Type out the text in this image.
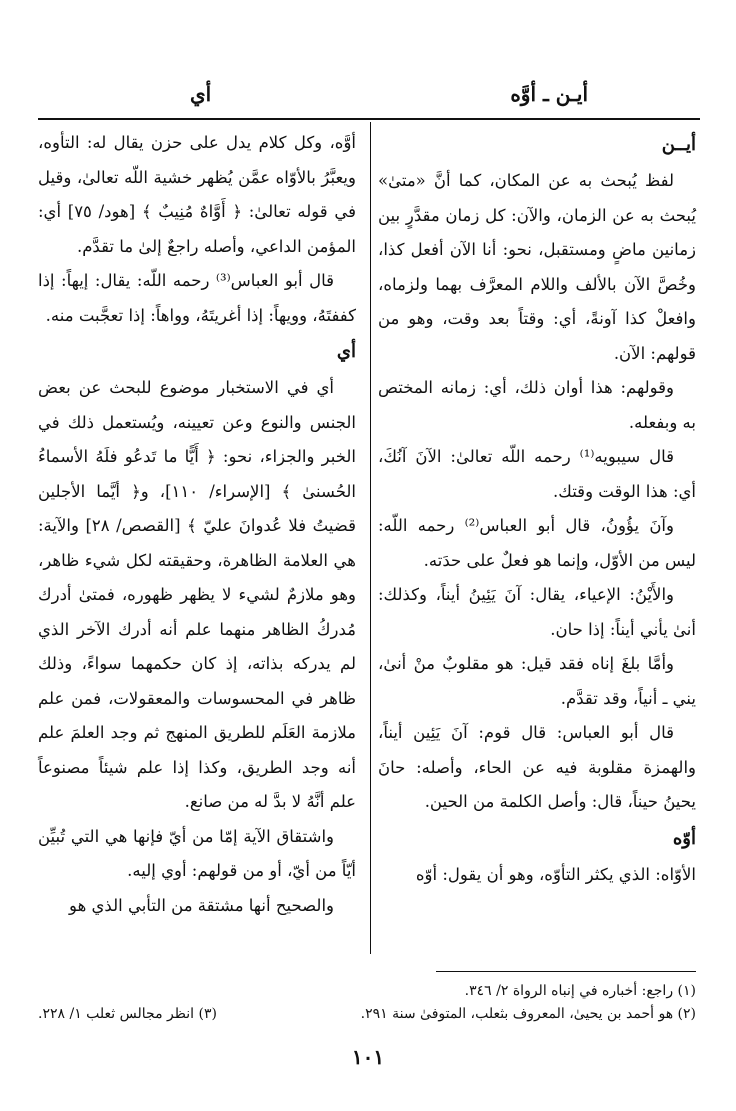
أيـن ـ أوَّه
أي
أيــن

لفظ يُبحث به عن المكان، كما أنَّ «متىٰ» يُبحث به عن الزمان، والآن: كل زمان مقدَّرٍ بين زمانين ماضٍ ومستقبل، نحو: أنا الآن أفعل كذا، وخُصَّ الآن بالألف واللام المعرَّف بهما ولزماه، وافعلْ كذا آونةً، أي: وقتاً بعد وقت، وهو من قولهم: الآن.

وقولهم: هذا أوان ذلك، أي: زمانه المختص به وبفعله.

قال سيبويه⁽¹⁾ رحمه اللّه تعالىٰ: الآنَ آنُكَ، أي: هذا الوقت وقتك.

وآنَ يؤُونُ، قال أبو العباس⁽²⁾ رحمه اللّه: ليس من الأوّل، وإنما هو فعلٌ على حدَته.

والأَيْنُ: الإعياء، يقال: آنَ يَئِينُ أيناً، وكذلك: أنىٰ يأني أيناً: إذا حان.

وأمَّا بلغَ إناه فقد قيل: هو مقلوبٌ منْ أنىٰ، يني ـ أنياً، وقد تقدَّم.

قال أبو العباس: قال قوم: آنَ يَئِين أيناً، والهمزة مقلوبة فيه عن الحاء، وأصله: حانَ يحينُ حيناً، قال: وأصل الكلمة من الحين.

أوّه

الأوّاه: الذي يكثر التأوّه، وهو أن يقول: أوّه

أوَّه، وكل كلام يدل على حزن يقال له: التأوه، ويعبَّرُ بالأوّاه عمَّن يُظهر خشية اللّه تعالىٰ، وقيل في قوله تعالىٰ: ﴿ أَوَّاهٌ مُنِيبٌ ﴾ [هود/ ٧٥] أي: المؤمن الداعي، وأصله راجعٌ إلىٰ ما تقدَّم.

قال أبو العباس⁽³⁾ رحمه اللّه: يقال: إيهاً: إذا كففتَهُ، وويهاً: إذا أغريتَهُ، وواهاً: إذا تعجَّبت منه.

أي

أي في الاستخبار موضوع للبحث عن بعض الجنس والنوع وعن تعيينه، ويُستعمل ذلك في الخبر والجزاء، نحو: ﴿ أَيًّا ما تَدعُو فلَهُ الأسماءُ الحُسنىٰ ﴾ [الإسراء/ ١١٠]، و﴿ أيَّما الأجلين قضيتُ فلا عُدوانَ عليّ ﴾ [القصص/ ٢٨] والآية: هي العلامة الظاهرة، وحقيقته لكل شيء ظاهر، وهو ملازمٌ لشيء لا يظهر ظهوره، فمتىٰ أدرك مُدركُ الظاهر منهما علم أنه أدرك الآخر الذي لم يدركه بذاته، إذ كان حكمهما سواءً، وذلك ظاهر في المحسوسات والمعقولات، فمن علم ملازمة العَلَم للطريق المنهج ثم وجد العلمَ علم أنه وجد الطريق، وكذا إذا علم شيئاً مصنوعاً علم أنَّهُ لا بدَّ له من صانع.

واشتقاق الآية إمّا من أيّ فإنها هي التي تُبيِّن أيّاً من أيّ، أو من قولهم: أوي إليه.

والصحيح أنها مشتقة من التأبي الذي هو

(١) راجع: أخباره في إنباه الرواة ٢/ ٣٤٦.
(٢) هو أحمد بن يحيىٰ، المعروف بثعلب، المتوفىٰ سنة ٢٩١.
(٣) انظر مجالس ثعلب ١/ ٢٢٨.
١٠١
